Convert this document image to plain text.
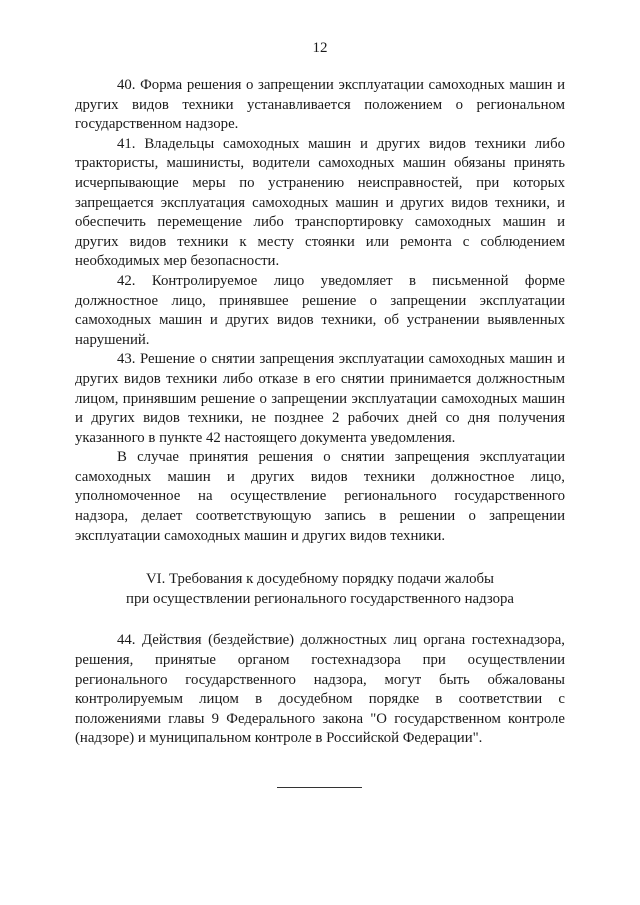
12

40. Форма решения о запрещении эксплуатации самоходных машин и других видов техники устанавливается положением о региональном государственном надзоре.

41. Владельцы самоходных машин и других видов техники либо трактористы, машинисты, водители самоходных машин обязаны принять исчерпывающие меры по устранению неисправностей, при которых запрещается эксплуатация самоходных машин и других видов техники, и обеспечить перемещение либо транспортировку самоходных машин и других видов техники к месту стоянки или ремонта с соблюдением необходимых мер безопасности.

42. Контролируемое лицо уведомляет в письменной форме должностное лицо, принявшее решение о запрещении эксплуатации самоходных машин и других видов техники, об устранении выявленных нарушений.

43. Решение о снятии запрещения эксплуатации самоходных машин и других видов техники либо отказе в его снятии принимается должностным лицом, принявшим решение о запрещении эксплуатации самоходных машин и других видов техники, не позднее 2 рабочих дней со дня получения указанного в пункте 42 настоящего документа уведомления.

В случае принятия решения о снятии запрещения эксплуатации самоходных машин и других видов техники должностное лицо, уполномоченное на осуществление регионального государственного надзора, делает соответствующую запись в решении о запрещении эксплуатации самоходных машин и других видов техники.

VI. Требования к досудебному порядку подачи жалобы
при осуществлении регионального государственного надзора

44. Действия (бездействие) должностных лиц органа гостехнадзора, решения, принятые органом гостехнадзора при осуществлении регионального государственного надзора, могут быть обжалованы контролируемым лицом в досудебном порядке в соответствии с положениями главы 9 Федерального закона "О государственном контроле (надзоре) и муниципальном контроле в Российской Федерации".
